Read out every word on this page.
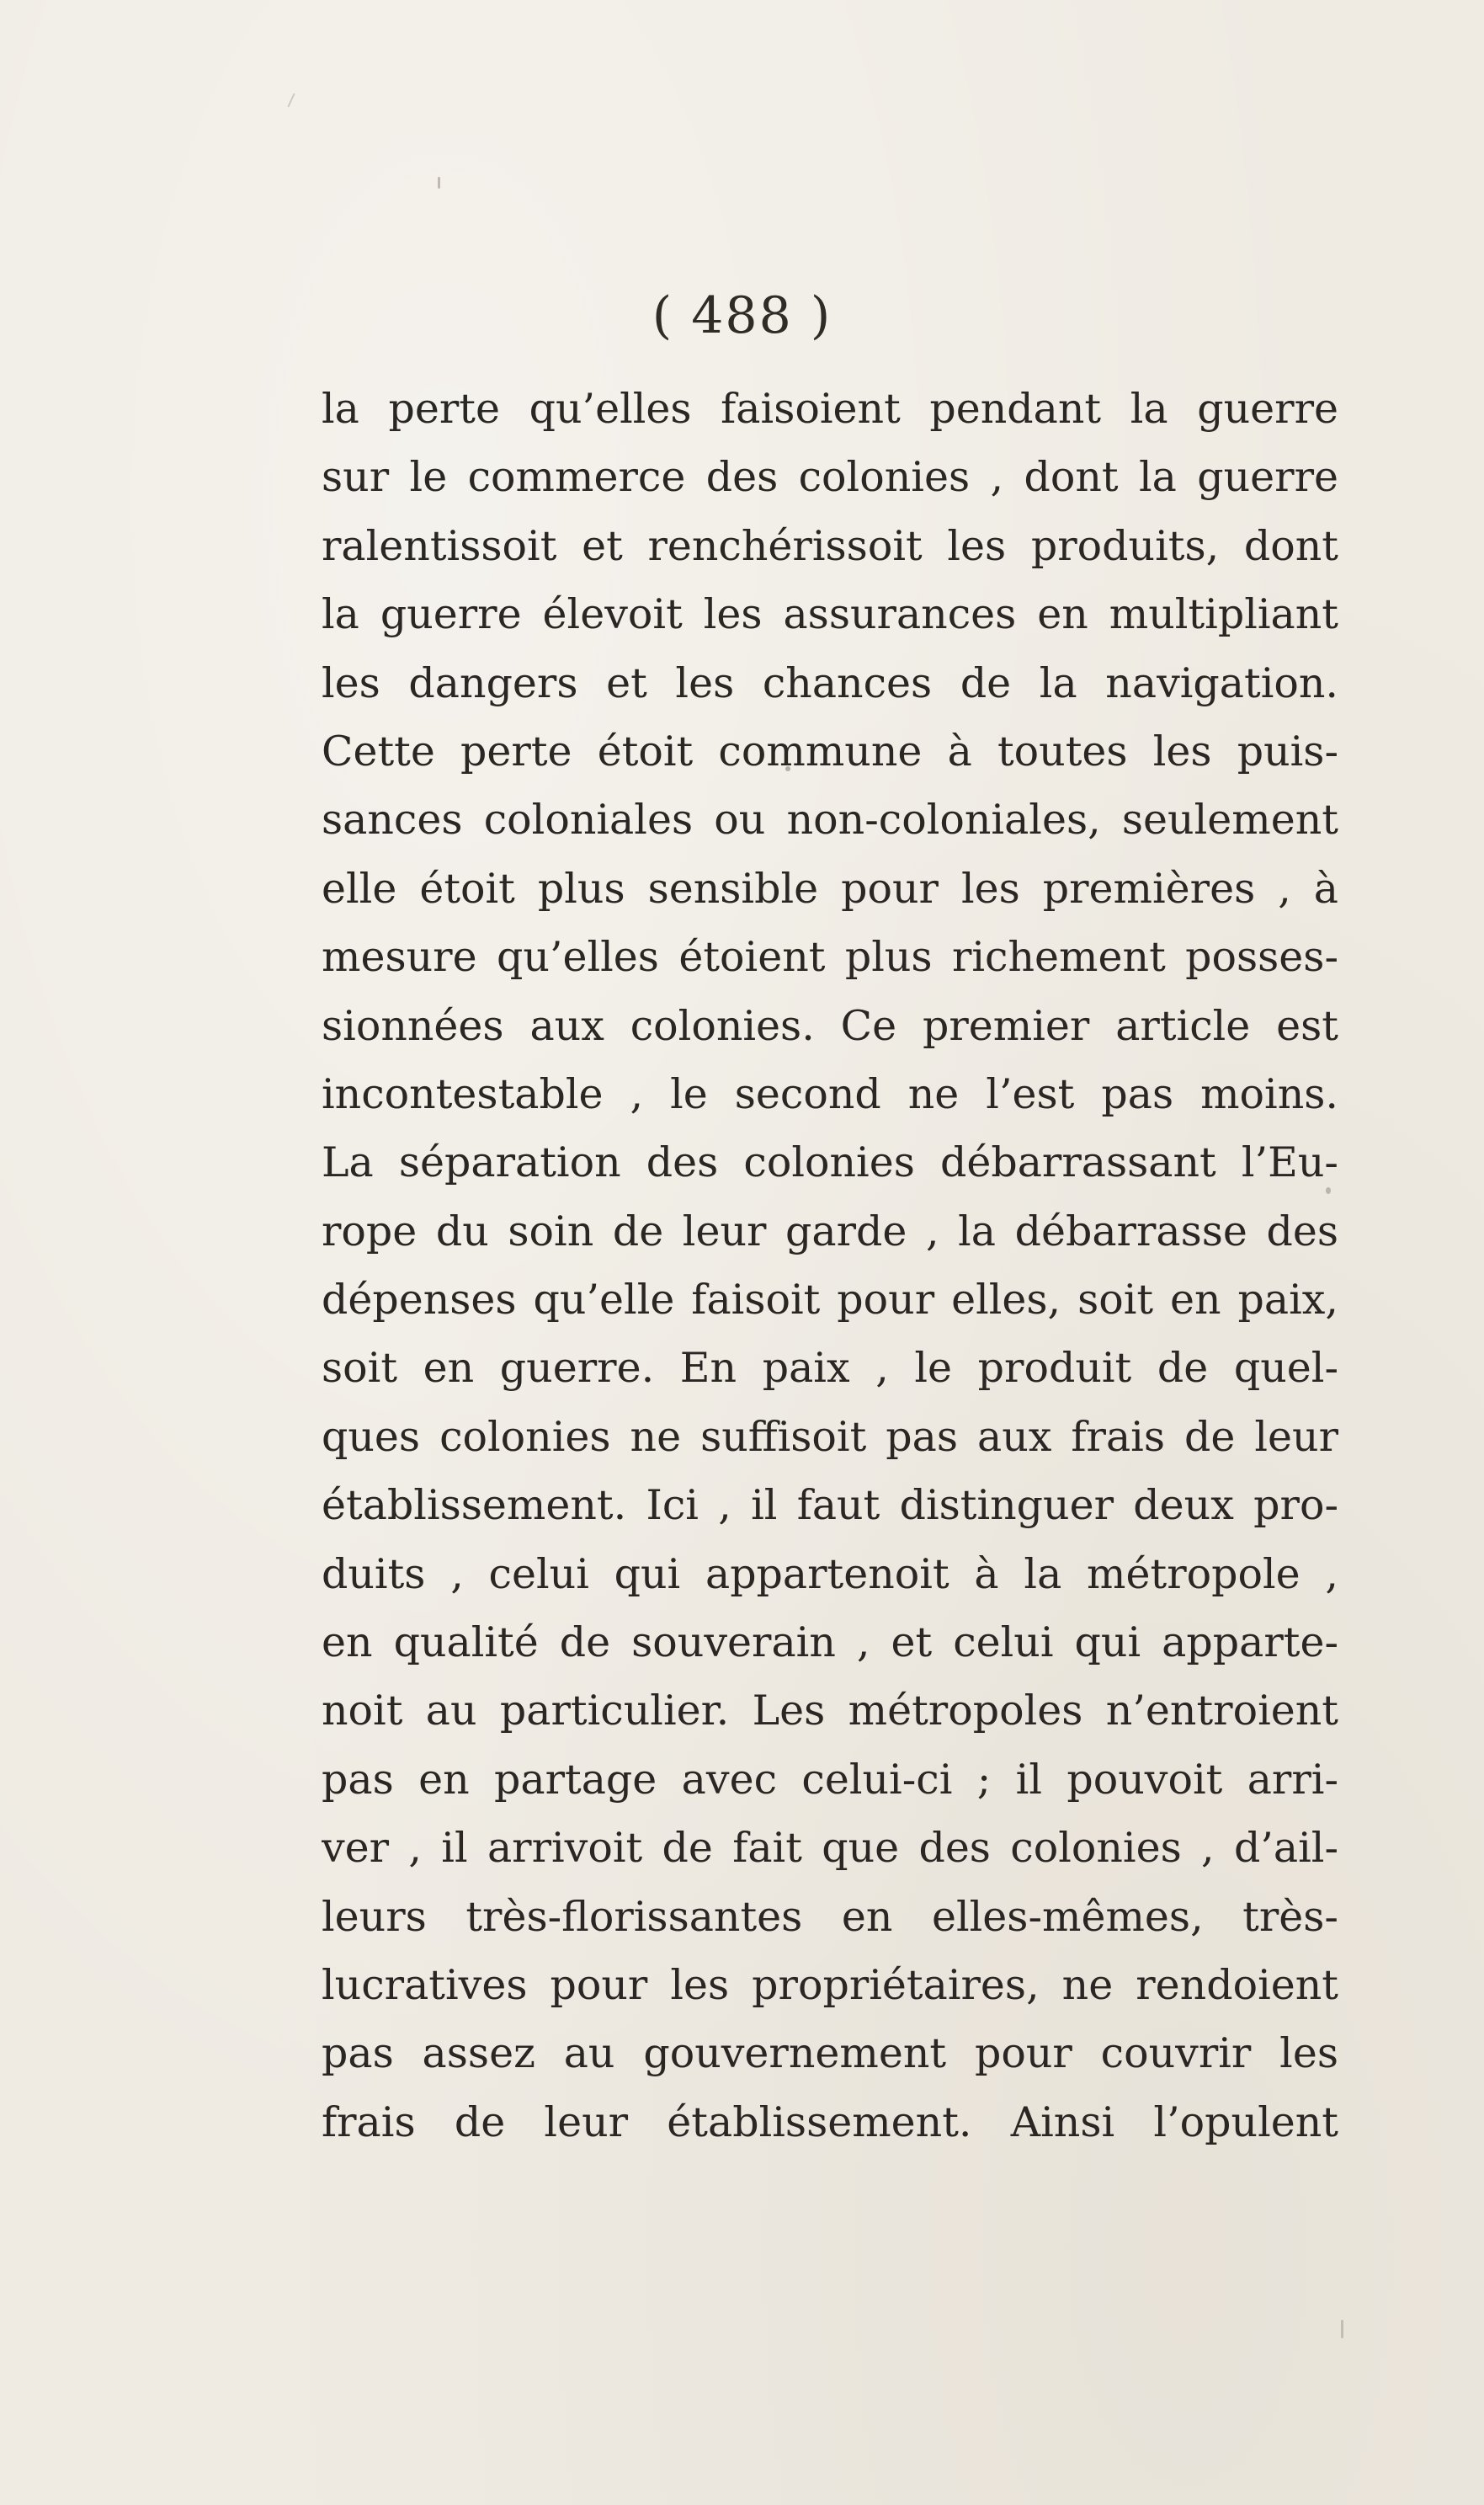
( 488 )
la perte qu’elles faisoient pendant la guerre
sur le commerce des colonies , dont la guerre
ralentissoit et renchérissoit les produits, dont
la guerre élevoit les assurances en multipliant
les dangers et les chances de la navigation.
Cette perte étoit commune à toutes les puis-
sances coloniales ou non-coloniales, seulement
elle étoit plus sensible pour les premières , à
mesure qu’elles étoient plus richement posses-
sionnées aux colonies. Ce premier article est
incontestable , le second ne l’est pas moins.
La séparation des colonies débarrassant l’Eu-
rope du soin de leur garde , la débarrasse des
dépenses qu’elle faisoit pour elles, soit en paix,
soit en guerre. En paix , le produit de quel-
ques colonies ne suffisoit pas aux frais de leur
établissement. Ici , il faut distinguer deux pro-
duits , celui qui appartenoit à la métropole ,
en qualité de souverain , et celui qui apparte-
noit au particulier. Les métropoles n’entroient
pas en partage avec celui-ci ; il pouvoit arri-
ver , il arrivoit de fait que des colonies , d’ail-
leurs très-florissantes en elles-mêmes, très-
lucratives pour les propriétaires, ne rendoient
pas assez au gouvernement pour couvrir les
frais de leur établissement. Ainsi l’opulent
